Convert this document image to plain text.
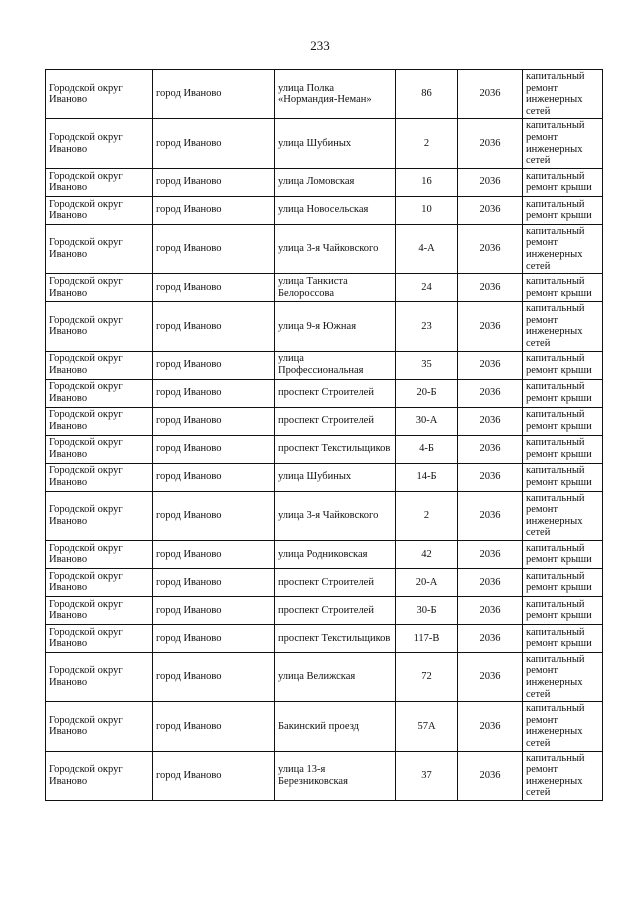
233
Городской округ Иваново	город Иваново	улица Полка «Нормандия-Неман»	86	2036	капитальный ремонт инженерных сетей
Городской округ Иваново	город Иваново	улица Шубиных	2	2036	капитальный ремонт инженерных сетей
Городской округ Иваново	город Иваново	улица Ломовская	16	2036	капитальный ремонт крыши
Городской округ Иваново	город Иваново	улица Новосельская	10	2036	капитальный ремонт крыши
Городской округ Иваново	город Иваново	улица 3-я Чайковского	4-А	2036	капитальный ремонт инженерных сетей
Городской округ Иваново	город Иваново	улица Танкиста Белороссова	24	2036	капитальный ремонт крыши
Городской округ Иваново	город Иваново	улица 9-я Южная	23	2036	капитальный ремонт инженерных сетей
Городской округ Иваново	город Иваново	улица Профессиональная	35	2036	капитальный ремонт крыши
Городской округ Иваново	город Иваново	проспект Строителей	20-Б	2036	капитальный ремонт крыши
Городской округ Иваново	город Иваново	проспект Строителей	30-А	2036	капитальный ремонт крыши
Городской округ Иваново	город Иваново	проспект Текстильщиков	4-Б	2036	капитальный ремонт крыши
Городской округ Иваново	город Иваново	улица Шубиных	14-Б	2036	капитальный ремонт крыши
Городской округ Иваново	город Иваново	улица 3-я Чайковского	2	2036	капитальный ремонт инженерных сетей
Городской округ Иваново	город Иваново	улица Родниковская	42	2036	капитальный ремонт крыши
Городской округ Иваново	город Иваново	проспект Строителей	20-А	2036	капитальный ремонт крыши
Городской округ Иваново	город Иваново	проспект Строителей	30-Б	2036	капитальный ремонт крыши
Городской округ Иваново	город Иваново	проспект Текстильщиков	117-В	2036	капитальный ремонт крыши
Городской округ Иваново	город Иваново	улица Велижская	72	2036	капитальный ремонт инженерных сетей
Городской округ Иваново	город Иваново	Бакинский проезд	57А	2036	капитальный ремонт инженерных сетей
Городской округ Иваново	город Иваново	улица 13-я Березниковская	37	2036	капитальный ремонт инженерных сетей
